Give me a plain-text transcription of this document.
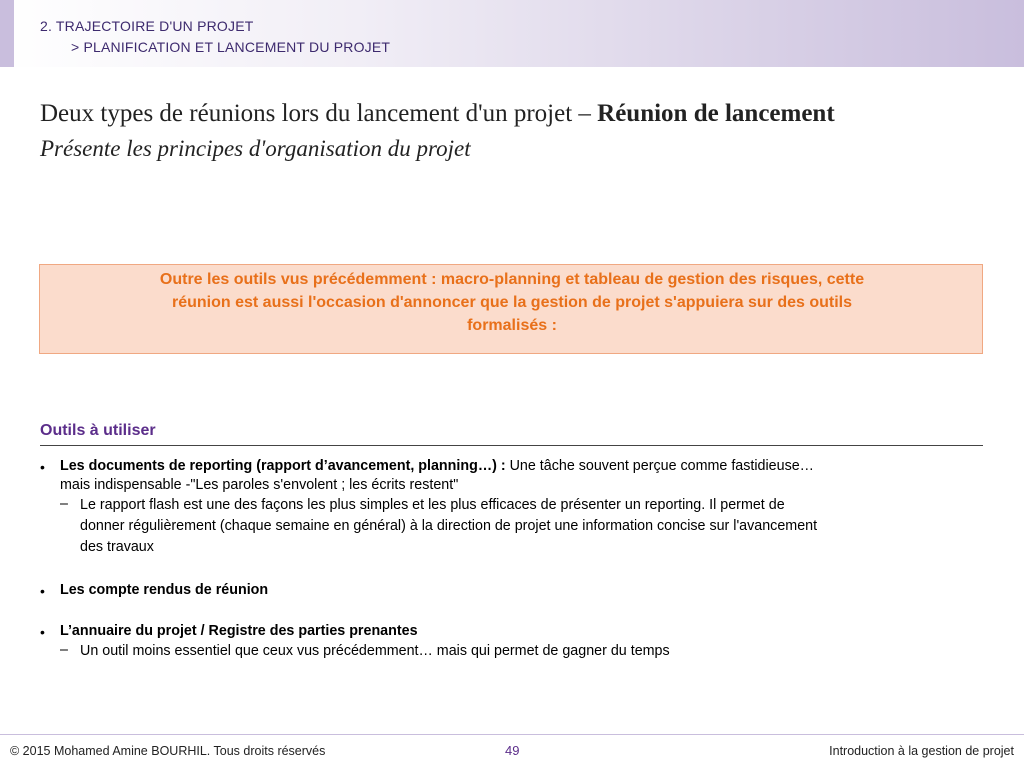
2. TRAJECTOIRE D'UN PROJET
> PLANIFICATION ET LANCEMENT DU PROJET
Deux types de réunions lors du lancement d'un projet – Réunion de lancement
Présente les principes d'organisation du projet
Outre les outils vus précédemment : macro-planning et tableau de gestion des risques, cette
réunion est aussi l'occasion d'annoncer que la gestion de projet s'appuiera sur des outils
formalisés :
Outils à utiliser
• Les documents de reporting (rapport d’avancement, planning…) : Une tâche souvent perçue comme fastidieuse…
mais indispensable -"Les paroles s'envolent ; les écrits restent"
– Le rapport flash est une des façons les plus simples et les plus efficaces de présenter un reporting. Il permet de
donner régulièrement (chaque semaine en général) à la direction de projet une information concise sur l'avancement
des travaux
• Les compte rendus de réunion
• L’annuaire du projet / Registre des parties prenantes
– Un outil moins essentiel que ceux vus précédemment… mais qui permet de gagner du temps
© 2015 Mohamed Amine BOURHIL. Tous droits réservés	49	Introduction à la gestion de projet
